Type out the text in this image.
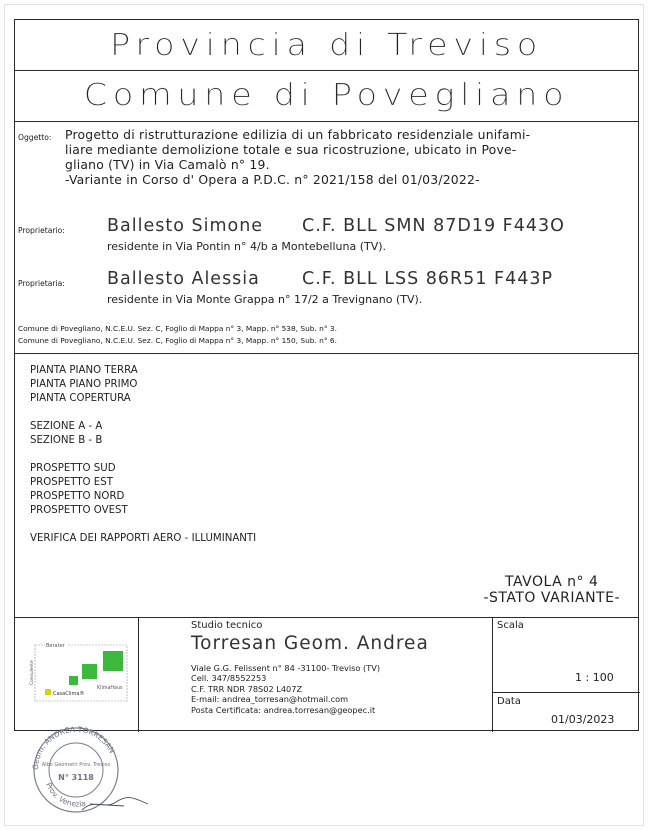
Provincia di Treviso
Comune di Povegliano
Oggetto: Progetto di ristrutturazione edilizia di un fabbricato residenziale unifami-
liare mediante demolizione totale e sua ricostruzione, ubicato in Pove-
gliano (TV) in Via Camalò n° 19.
-Variante in Corso d' Opera a P.D.C. n° 2021/158 del 01/03/2022-
Proprietario: Ballesto Simone C.F. BLL SMN 87D19 F443O
residente in Via Pontin n° 4/b a Montebelluna (TV).
Proprietaria: Ballesto Alessia C.F. BLL LSS 86R51 F443P
residente in Via Monte Grappa n° 17/2 a Trevignano (TV).
Comune di Povegliano, N.C.E.U. Sez. C, Foglio di Mappa n° 3, Mapp. n° 538, Sub. n° 3.
Comune di Povegliano, N.C.E.U. Sez. C, Foglio di Mappa n° 3, Mapp. n° 150, Sub. n° 6.
PIANTA PIANO TERRA
PIANTA PIANO PRIMO
PIANTA COPERTURA
SEZIONE A - A
SEZIONE B - B
PROSPETTO SUD
PROSPETTO EST
PROSPETTO NORD
PROSPETTO OVEST
VERIFICA DEI RAPPORTI AERO - ILLUMINANTI
TAVOLA n° 4
-STATO VARIANTE-
Berater
Consulente
KlimaHaus
CasaClima®
Studio tecnico
Torresan Geom. Andrea
Viale G.G. Felissent n° 84 -31100- Treviso (TV)
Cell. 347/8552253
C.F. TRR NDR 78S02 L407Z
E-mail: andrea_torresan@hotmail.com
Posta Certificata: andrea.torresan@geopec.it
Scala
1 : 100
Data
01/03/2023
Geom. ANDREA TORRESAN
Prov. Venezia
Albo Geometri Prov. Treviso
N° 3118
